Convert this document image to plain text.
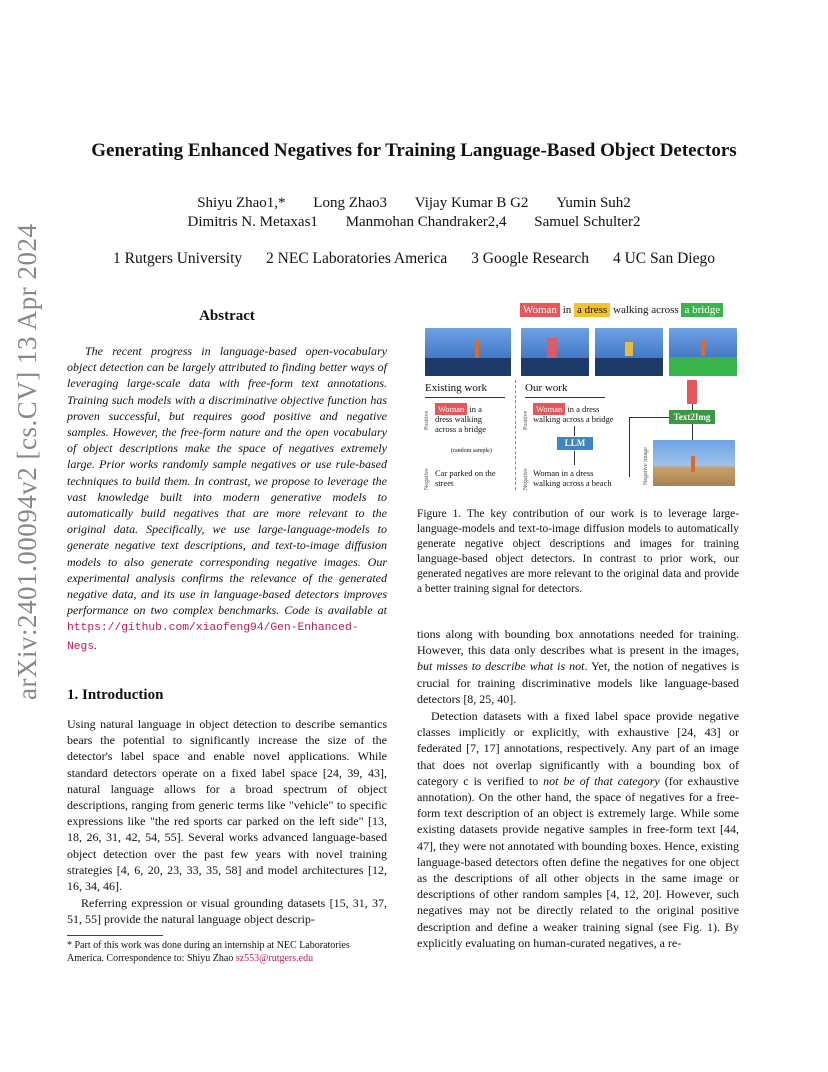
arXiv:2401.00094v2 [cs.CV] 13 Apr 2024
Generating Enhanced Negatives for Training Language-Based Object Detectors
Shiyu Zhao1,* Long Zhao3 Vijay Kumar B G2 Yumin Suh2
Dimitris N. Metaxas1 Manmohan Chandraker2,4 Samuel Schulter2
1 Rutgers University 2 NEC Laboratories America 3 Google Research 4 UC San Diego
Abstract
The recent progress in language-based open-vocabulary object detection can be largely attributed to finding better ways of leveraging large-scale data with free-form text annotations. Training such models with a discriminative objective function has proven successful, but requires good positive and negative samples. However, the free-form nature and the open vocabulary of object descriptions make the space of negatives extremely large. Prior works randomly sample negatives or use rule-based techniques to build them. In contrast, we propose to leverage the vast knowledge built into modern generative models to automatically build negatives that are more relevant to the original data. Specifically, we use large-language-models to generate negative text descriptions, and text-to-image diffusion models to also generate corresponding negative images. Our experimental analysis confirms the relevance of the generated negative data, and its use in language-based detectors improves performance on two complex benchmarks. Code is available at https://github.com/xiaofeng94/Gen-Enhanced-Negs.
1. Introduction
Using natural language in object detection to describe semantics bears the potential to significantly increase the size of the detector's label space and enable novel applications. While standard detectors operate on a fixed label space [24, 39, 43], natural language allows for a broad spectrum of object descriptions, ranging from generic terms like "vehicle" to specific expressions like "the red sports car parked on the left side" [13, 18, 26, 31, 42, 54, 55]. Several works advanced language-based object detection over the past few years with novel training strategies [4, 6, 20, 23, 33, 35, 58] and model architectures [12, 16, 34, 46].
Referring expression or visual grounding datasets [15, 31, 37, 51, 55] provide the natural language object descrip-
* Part of this work was done during an internship at NEC Laboratories America. Correspondence to: Shiyu Zhao sz553@rutgers.edu
Woman in a dress walking across a bridge
Existing work	Our work
Positive
Negative
Positive
Negative
Woman in a
dress walking
across a bridge
(random sample)
Car parked on the
street
Woman in a dress
walking across a bridge
LLM
Woman in a dress
walking across a beach
Text2Img
Negative image
Figure 1. The key contribution of our work is to leverage large-language-models and text-to-image diffusion models to automatically generate negative object descriptions and images for training language-based object detectors. In contrast to prior work, our generated negatives are more relevant to the original data and provide a better training signal for detectors.
tions along with bounding box annotations needed for training. However, this data only describes what is present in the images, but misses to describe what is not. Yet, the notion of negatives is crucial for training discriminative models like language-based detectors [8, 25, 40].
Detection datasets with a fixed label space provide negative classes implicitly or explicitly, with exhaustive [24, 43] or federated [7, 17] annotations, respectively. Any part of an image that does not overlap significantly with a bounding box of category c is verified to not be of that category (for exhaustive annotation). On the other hand, the space of negatives for a free-form text description of an object is extremely large. While some existing datasets provide negative samples in free-form text [44, 47], they were not annotated with bounding boxes. Hence, existing language-based detectors often define the negatives for one object as the descriptions of all other objects in the same image or descriptions of other random samples [4, 12, 20]. However, such negatives may not be directly related to the original positive description and define a weaker training signal (see Fig. 1). By explicitly evaluating on human-curated negatives, a re-
